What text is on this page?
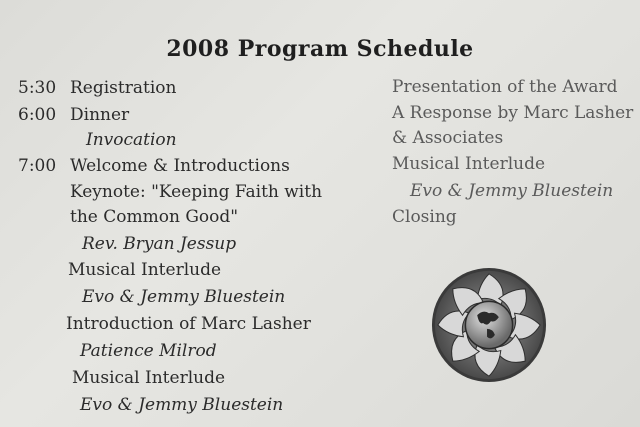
2008 Program Schedule
5:30 Registration
6:00 Dinner
Invocation
7:00 Welcome & Introductions
Keynote: "Keeping Faith with
the Common Good"
Rev. Bryan Jessup
Musical Interlude
Evo & Jemmy Bluestein
Introduction of Marc Lasher
Patience Milrod
Musical Interlude
Evo & Jemmy Bluestein
Presentation of the Award
A Response by Marc Lasher
& Associates
Musical Interlude
Evo & Jemmy Bluestein
Closing
